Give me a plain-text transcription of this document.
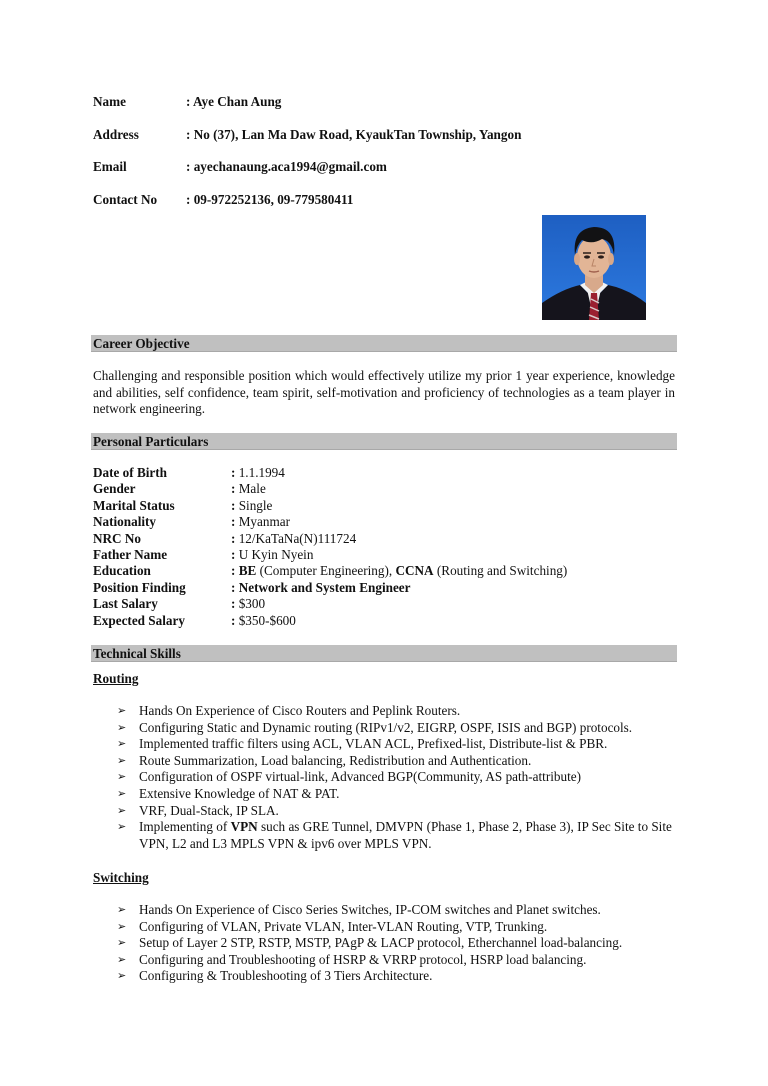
Name	: Aye Chan Aung
Address	: No (37), Lan Ma Daw Road, KyaukTan Township, Yangon
Email	: ayechanaung.aca1994@gmail.com
Contact No	: 09-972252136, 09-779580411
Career Objective
Challenging and responsible position which would effectively utilize my prior 1 year experience, knowledge and abilities, self confidence, team spirit, self-motivation and proficiency of technologies as a team player in network engineering.
Personal Particulars
Date of Birth	: 1.1.1994
Gender	: Male
Marital Status	: Single
Nationality	: Myanmar
NRC No	: 12/KaTaNa(N)111724
Father Name	: U Kyin Nyein
Education	: BE (Computer Engineering), CCNA (Routing and Switching)
Position Finding	: Network and System Engineer
Last Salary	: $300
Expected Salary	: $350-$600
Technical Skills
Routing
➢ Hands On Experience of Cisco Routers and Peplink Routers.
➢ Configuring Static and Dynamic routing (RIPv1/v2, EIGRP, OSPF, ISIS and BGP) protocols.
➢ Implemented traffic filters using ACL, VLAN ACL, Prefixed-list, Distribute-list & PBR.
➢ Route Summarization, Load balancing, Redistribution and Authentication.
➢ Configuration of OSPF virtual-link, Advanced BGP(Community, AS path-attribute)
➢ Extensive Knowledge of NAT & PAT.
➢ VRF, Dual-Stack, IP SLA.
➢ Implementing of VPN such as GRE Tunnel, DMVPN (Phase 1, Phase 2, Phase 3), IP Sec Site to Site VPN, L2 and L3 MPLS VPN & ipv6 over MPLS VPN.
Switching
➢ Hands On Experience of Cisco Series Switches, IP-COM switches and Planet switches.
➢ Configuring of VLAN, Private VLAN, Inter-VLAN Routing, VTP, Trunking.
➢ Setup of Layer 2 STP, RSTP, MSTP, PAgP & LACP protocol, Etherchannel load-balancing.
➢ Configuring and Troubleshooting of HSRP & VRRP protocol, HSRP load balancing.
➢ Configuring & Troubleshooting of 3 Tiers Architecture.
